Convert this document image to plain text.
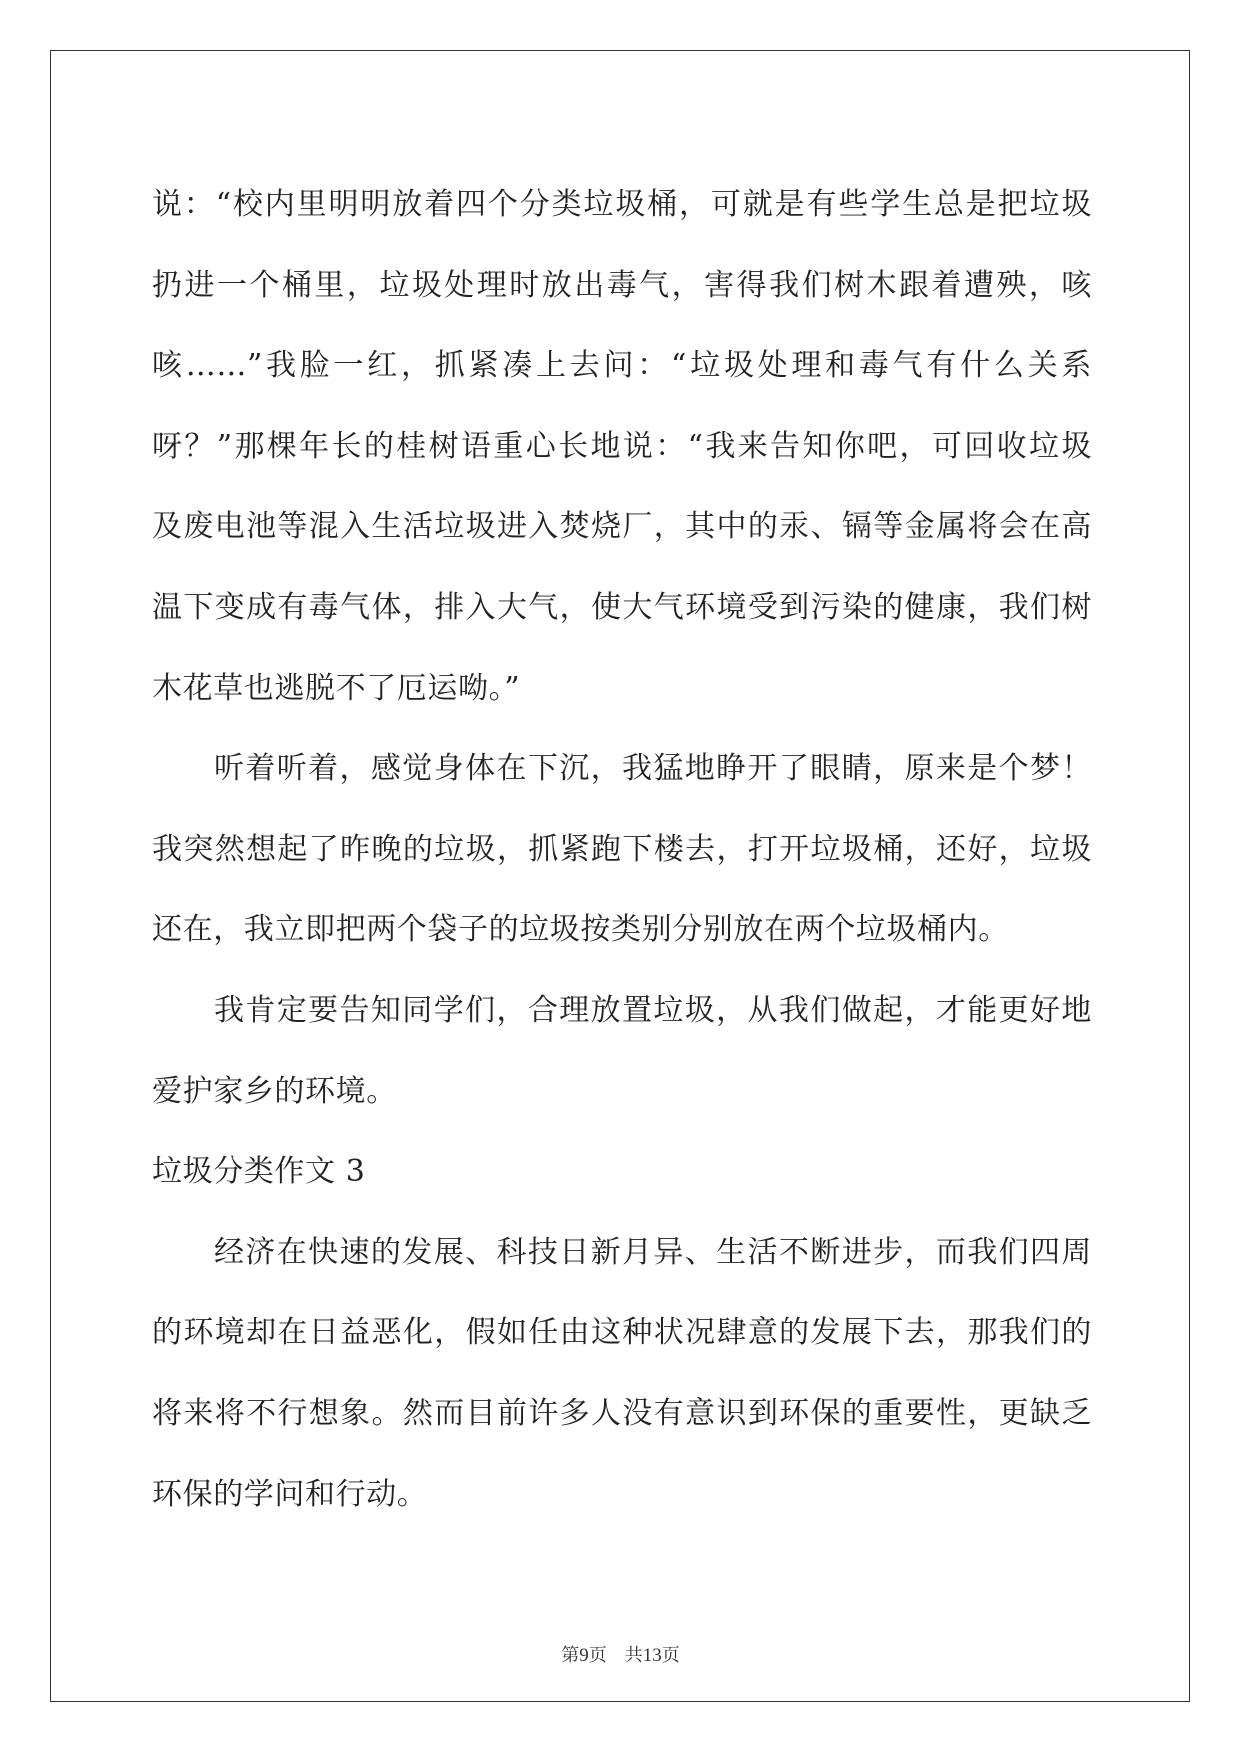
说：“校内里明明放着四个分类垃圾桶，可就是有些学生总是把垃圾
扔进一个桶里，垃圾处理时放出毒气，害得我们树木跟着遭殃，咳
咳……”我脸一红，抓紧凑上去问：“垃圾处理和毒气有什么关系
呀？”那棵年长的桂树语重心长地说：“我来告知你吧，可回收垃圾
及废电池等混入生活垃圾进入焚烧厂，其中的汞、镉等金属将会在高
温下变成有毒气体，排入大气，使大气环境受到污染的健康，我们树
木花草也逃脱不了厄运呦。”
听着听着，感觉身体在下沉，我猛地睁开了眼睛，原来是个梦！
我突然想起了昨晚的垃圾，抓紧跑下楼去，打开垃圾桶，还好，垃圾
还在，我立即把两个袋子的垃圾按类别分别放在两个垃圾桶内。
我肯定要告知同学们，合理放置垃圾，从我们做起，才能更好地
爱护家乡的环境。
垃圾分类作文 3
经济在快速的发展、科技日新月异、生活不断进步，而我们四周
的环境却在日益恶化，假如任由这种状况肆意的发展下去，那我们的
将来将不行想象。然而目前许多人没有意识到环保的重要性，更缺乏
环保的学问和行动。
第9页　共13页
